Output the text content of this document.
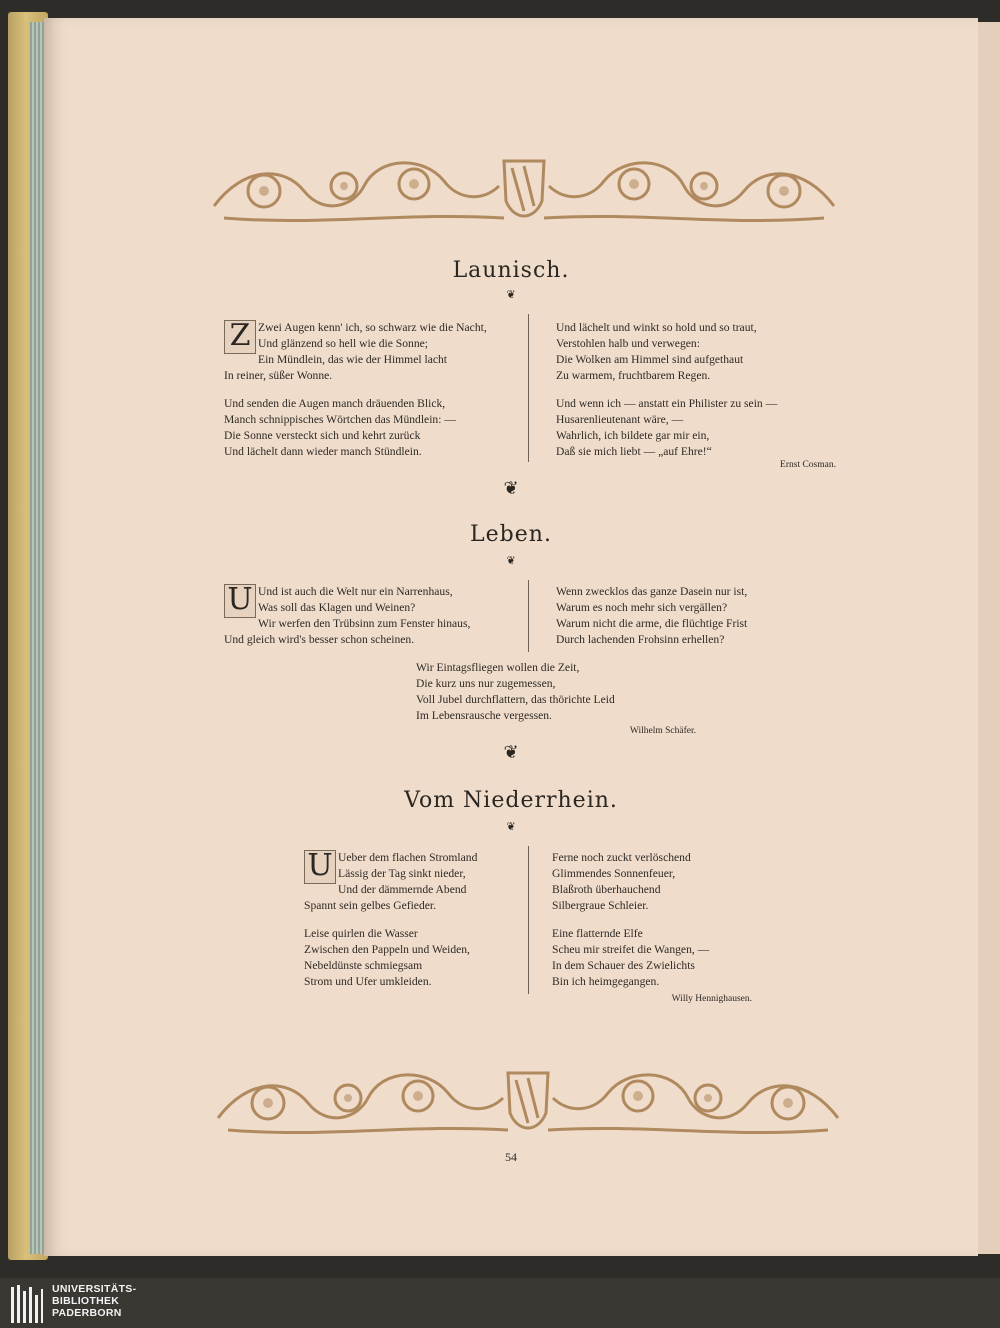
Launisch.
❦
Z Zwei Augen kenn' ich, so schwarz wie die Nacht,
Und glänzend so hell wie die Sonne;
Ein Mündlein, das wie der Himmel lacht
In reiner, süßer Wonne.
Und senden die Augen manch dräuenden Blick,
Manch schnippisches Wörtchen das Mündlein: —
Die Sonne versteckt sich und kehrt zurück
Und lächelt dann wieder manch Stündlein.
Und lächelt und winkt so hold und so traut,
Verstohlen halb und verwegen:
Die Wolken am Himmel sind aufgethaut
Zu warmem, fruchtbarem Regen.
Und wenn ich — anstatt ein Philister zu sein —
Husarenlieutenant wäre, —
Wahrlich, ich bildete gar mir ein,
Daß sie mich liebt — „auf Ehre!“
Ernst Cosman.
❦
Leben.
❦
U Und ist auch die Welt nur ein Narrenhaus,
Was soll das Klagen und Weinen?
Wir werfen den Trübsinn zum Fenster hinaus,
Und gleich wird's besser schon scheinen.
Wenn zwecklos das ganze Dasein nur ist,
Warum es noch mehr sich vergällen?
Warum nicht die arme, die flüchtige Frist
Durch lachenden Frohsinn erhellen?
Wir Eintagsfliegen wollen die Zeit,
Die kurz uns nur zugemessen,
Voll Jubel durchflattern, das thörichte Leid
Im Lebensrausche vergessen.
Wilhelm Schäfer.
❦
Vom Niederrhein.
❦
U Ueber dem flachen Stromland
Lässig der Tag sinkt nieder,
Und der dämmernde Abend
Spannt sein gelbes Gefieder.
Leise quirlen die Wasser
Zwischen den Pappeln und Weiden,
Nebeldünste schmiegsam
Strom und Ufer umkleiden.
Ferne noch zuckt verlöschend
Glimmendes Sonnenfeuer,
Blaßroth überhauchend
Silbergraue Schleier.
Eine flatternde Elfe
Scheu mir streifet die Wangen, —
In dem Schauer des Zwielichts
Bin ich heimgegangen.
Willy Hennighausen.
54
UNIVERSITÄTS-
BIBLIOTHEK
PADERBORN
